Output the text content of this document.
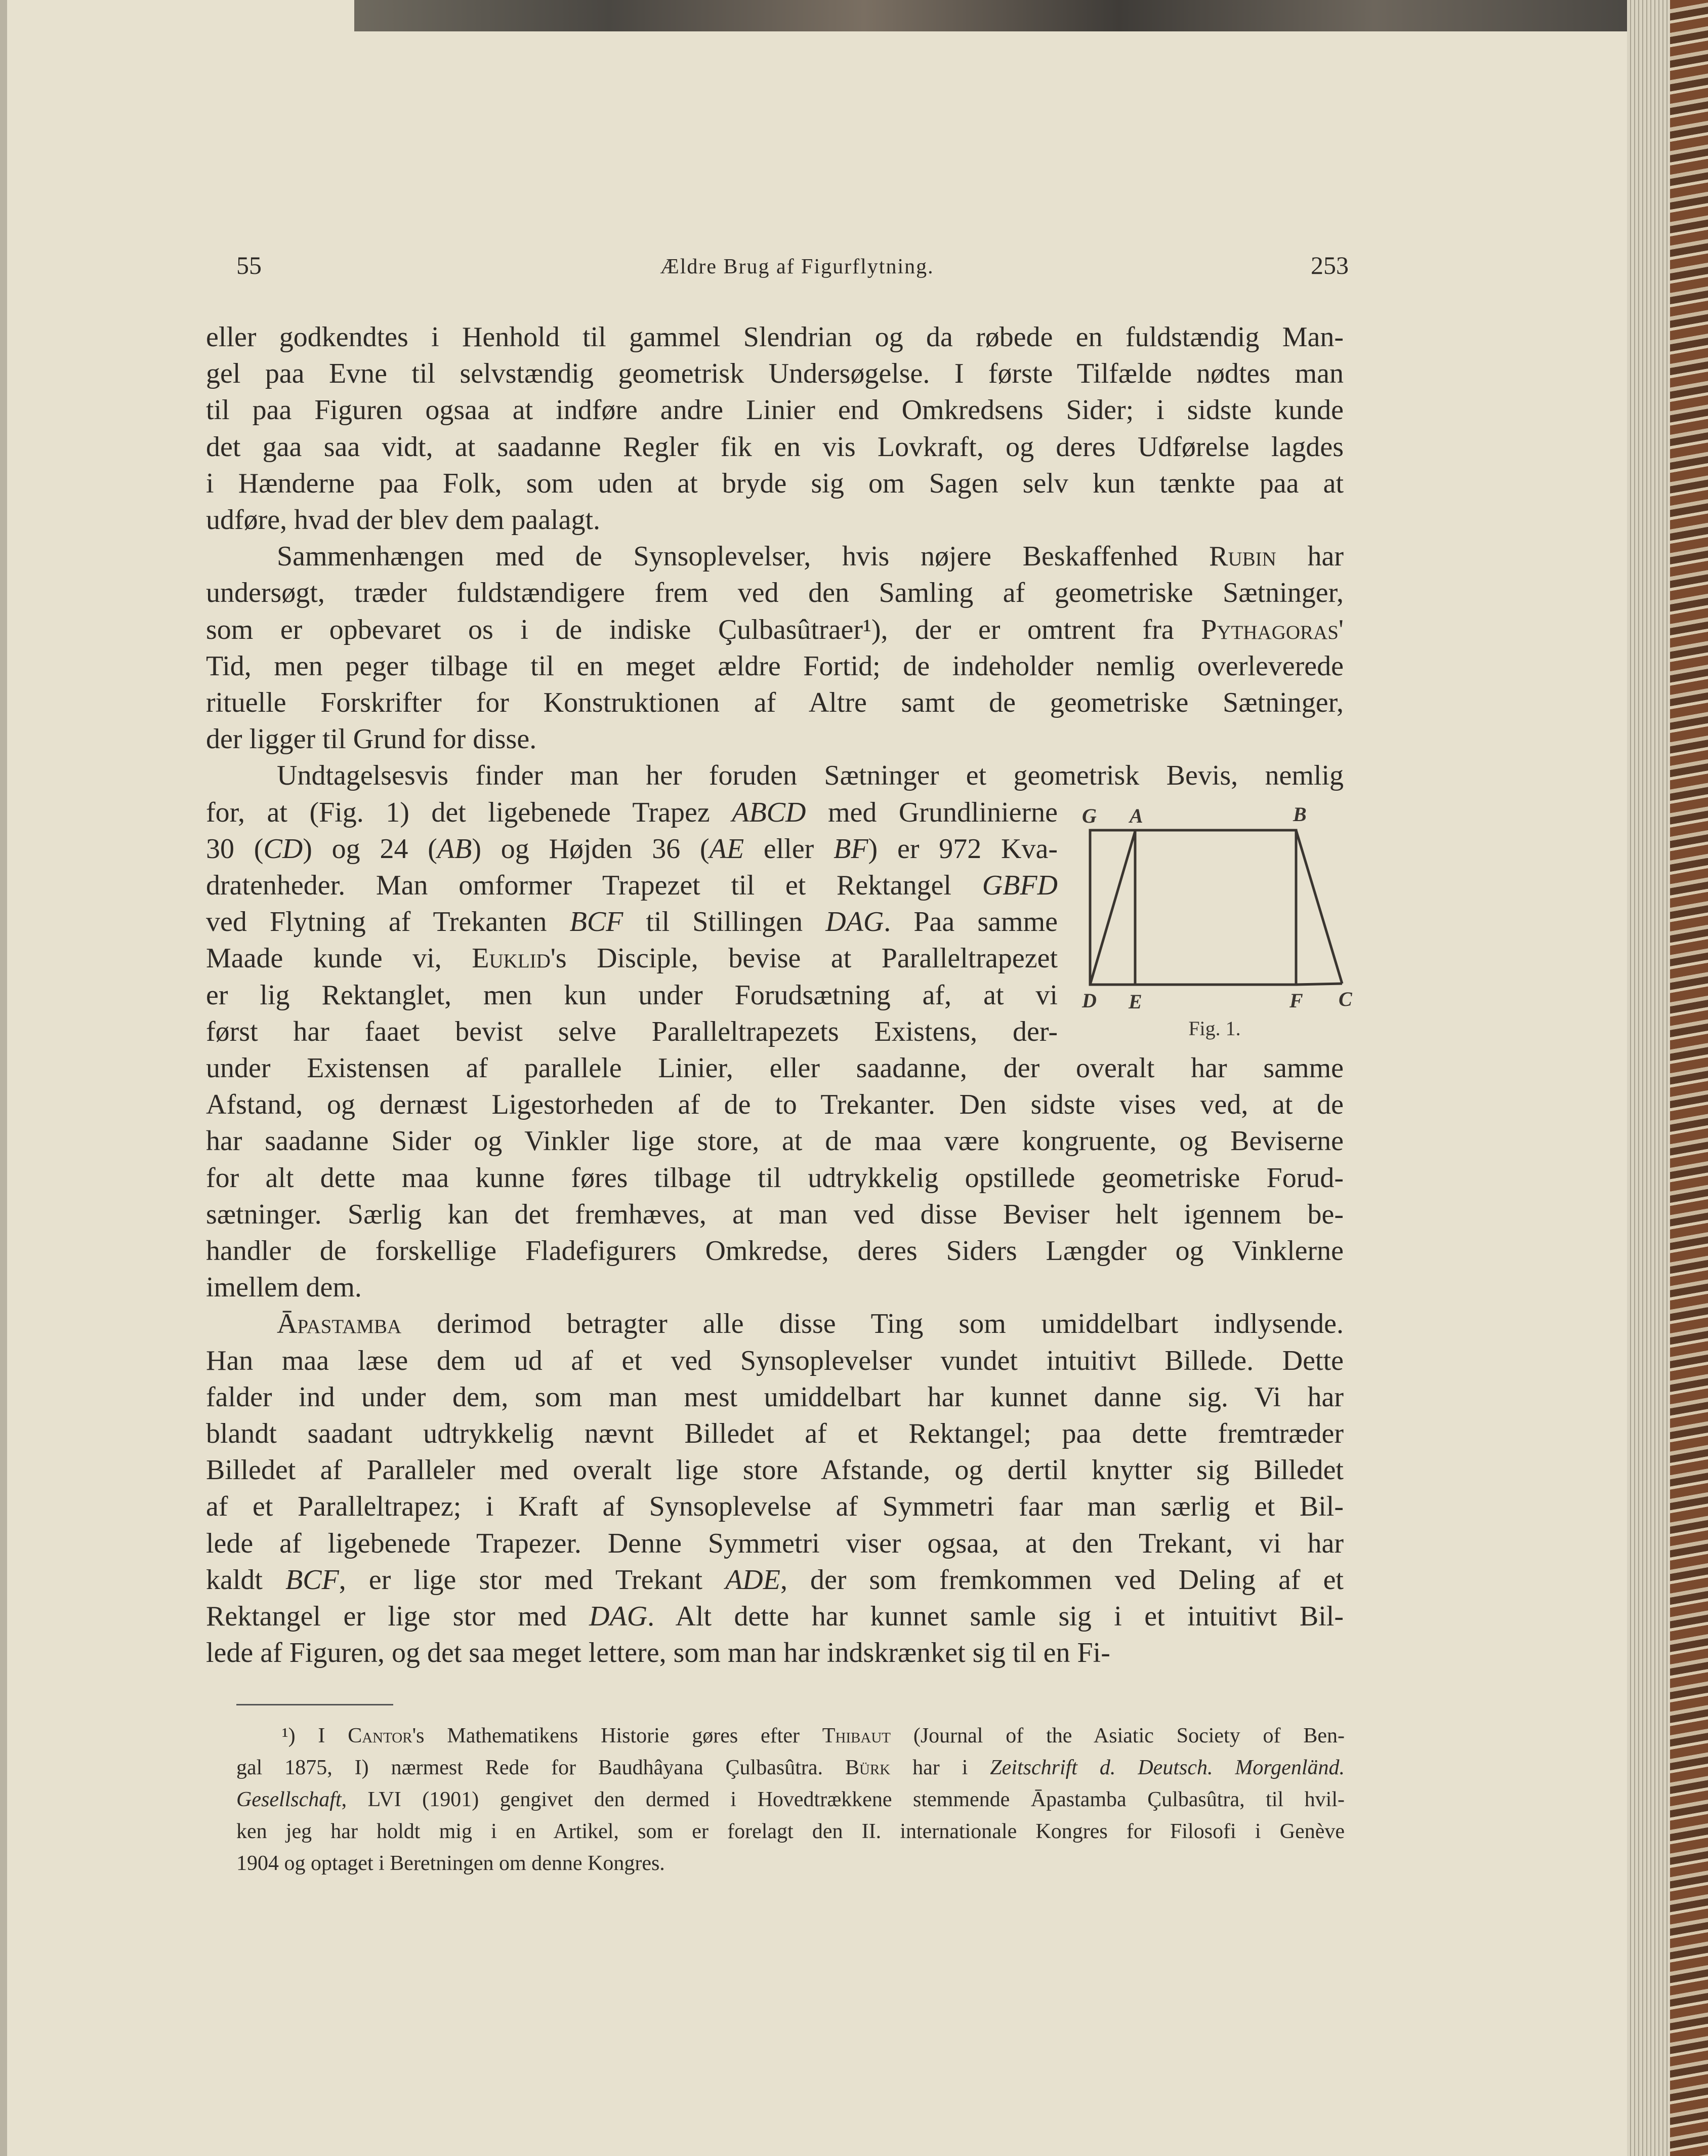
55	Ældre Brug af Figurflytning.	253
eller godkendtes i Henhold til gammel Slendrian og da røbede en fuldstændig Man-
gel paa Evne til selvstændig geometrisk Undersøgelse. I første Tilfælde nødtes man
til paa Figuren ogsaa at indføre andre Linier end Omkredsens Sider; i sidste kunde
det gaa saa vidt, at saadanne Regler fik en vis Lovkraft, og deres Udførelse lagdes
i Hænderne paa Folk, som uden at bryde sig om Sagen selv kun tænkte paa at
udføre, hvad der blev dem paalagt.
Sammenhængen med de Synsoplevelser, hvis nøjere Beskaffenhed Rubin har
undersøgt, træder fuldstændigere frem ved den Samling af geometriske Sætninger,
som er opbevaret os i de indiske Çulbasûtraer¹), der er omtrent fra Pythagoras'
Tid, men peger tilbage til en meget ældre Fortid; de indeholder nemlig overleverede
rituelle Forskrifter for Konstruktionen af Altre samt de geometriske Sætninger,
der ligger til Grund for disse.
Undtagelsesvis finder man her foruden Sætninger et geometrisk Bevis, nemlig
for, at (Fig. 1) det ligebenede Trapez ABCD med Grundlinierne
30 (CD) og 24 (AB) og Højden 36 (AE eller BF) er 972 Kva-
dratenheder. Man omformer Trapezet til et Rektangel GBFD
ved Flytning af Trekanten BCF til Stillingen DAG. Paa samme
Maade kunde vi, Euklid's Disciple, bevise at Paralleltrapezet
er lig Rektanglet, men kun under Forudsætning af, at vi
først har faaet bevist selve Paralleltrapezets Existens, der-
under Existensen af parallele Linier, eller saadanne, der overalt har samme
Afstand, og dernæst Ligestorheden af de to Trekanter. Den sidste vises ved, at de
har saadanne Sider og Vinkler lige store, at de maa være kongruente, og Beviserne
for alt dette maa kunne føres tilbage til udtrykkelig opstillede geometriske Forud-
sætninger. Særlig kan det fremhæves, at man ved disse Beviser helt igennem be-
handler de forskellige Fladefigurers Omkredse, deres Siders Længder og Vinklerne
imellem dem.
Āpastamba derimod betragter alle disse Ting som umiddelbart indlysende.
Han maa læse dem ud af et ved Synsoplevelser vundet intuitivt Billede. Dette
falder ind under dem, som man mest umiddelbart har kunnet danne sig. Vi har
blandt saadant udtrykkelig nævnt Billedet af et Rektangel; paa dette fremtræder
Billedet af Paralleler med overalt lige store Afstande, og dertil knytter sig Billedet
af et Paralleltrapez; i Kraft af Synsoplevelse af Symmetri faar man særlig et Bil-
lede af ligebenede Trapezer. Denne Symmetri viser ogsaa, at den Trekant, vi har
kaldt BCF, er lige stor med Trekant ADE, der som fremkommen ved Deling af et
Rektangel er lige stor med DAG. Alt dette har kunnet samle sig i et intuitivt Bil-
lede af Figuren, og det saa meget lettere, som man har indskrænket sig til en Fi-
G A	B
D E	F C
Fig. 1.
¹) I Cantor's Mathematikens Historie gøres efter Thibaut (Journal of the Asiatic Society of Ben-
gal 1875, I) nærmest Rede for Baudhâyana Çulbasûtra. Bürk har i Zeitschrift d. Deutsch. Morgenländ.
Gesellschaft, LVI (1901) gengivet den dermed i Hovedtrækkene stemmende Āpastamba Çulbasûtra, til hvil-
ken jeg har holdt mig i en Artikel, som er forelagt den II. internationale Kongres for Filosofi i Genève
1904 og optaget i Beretningen om denne Kongres.
